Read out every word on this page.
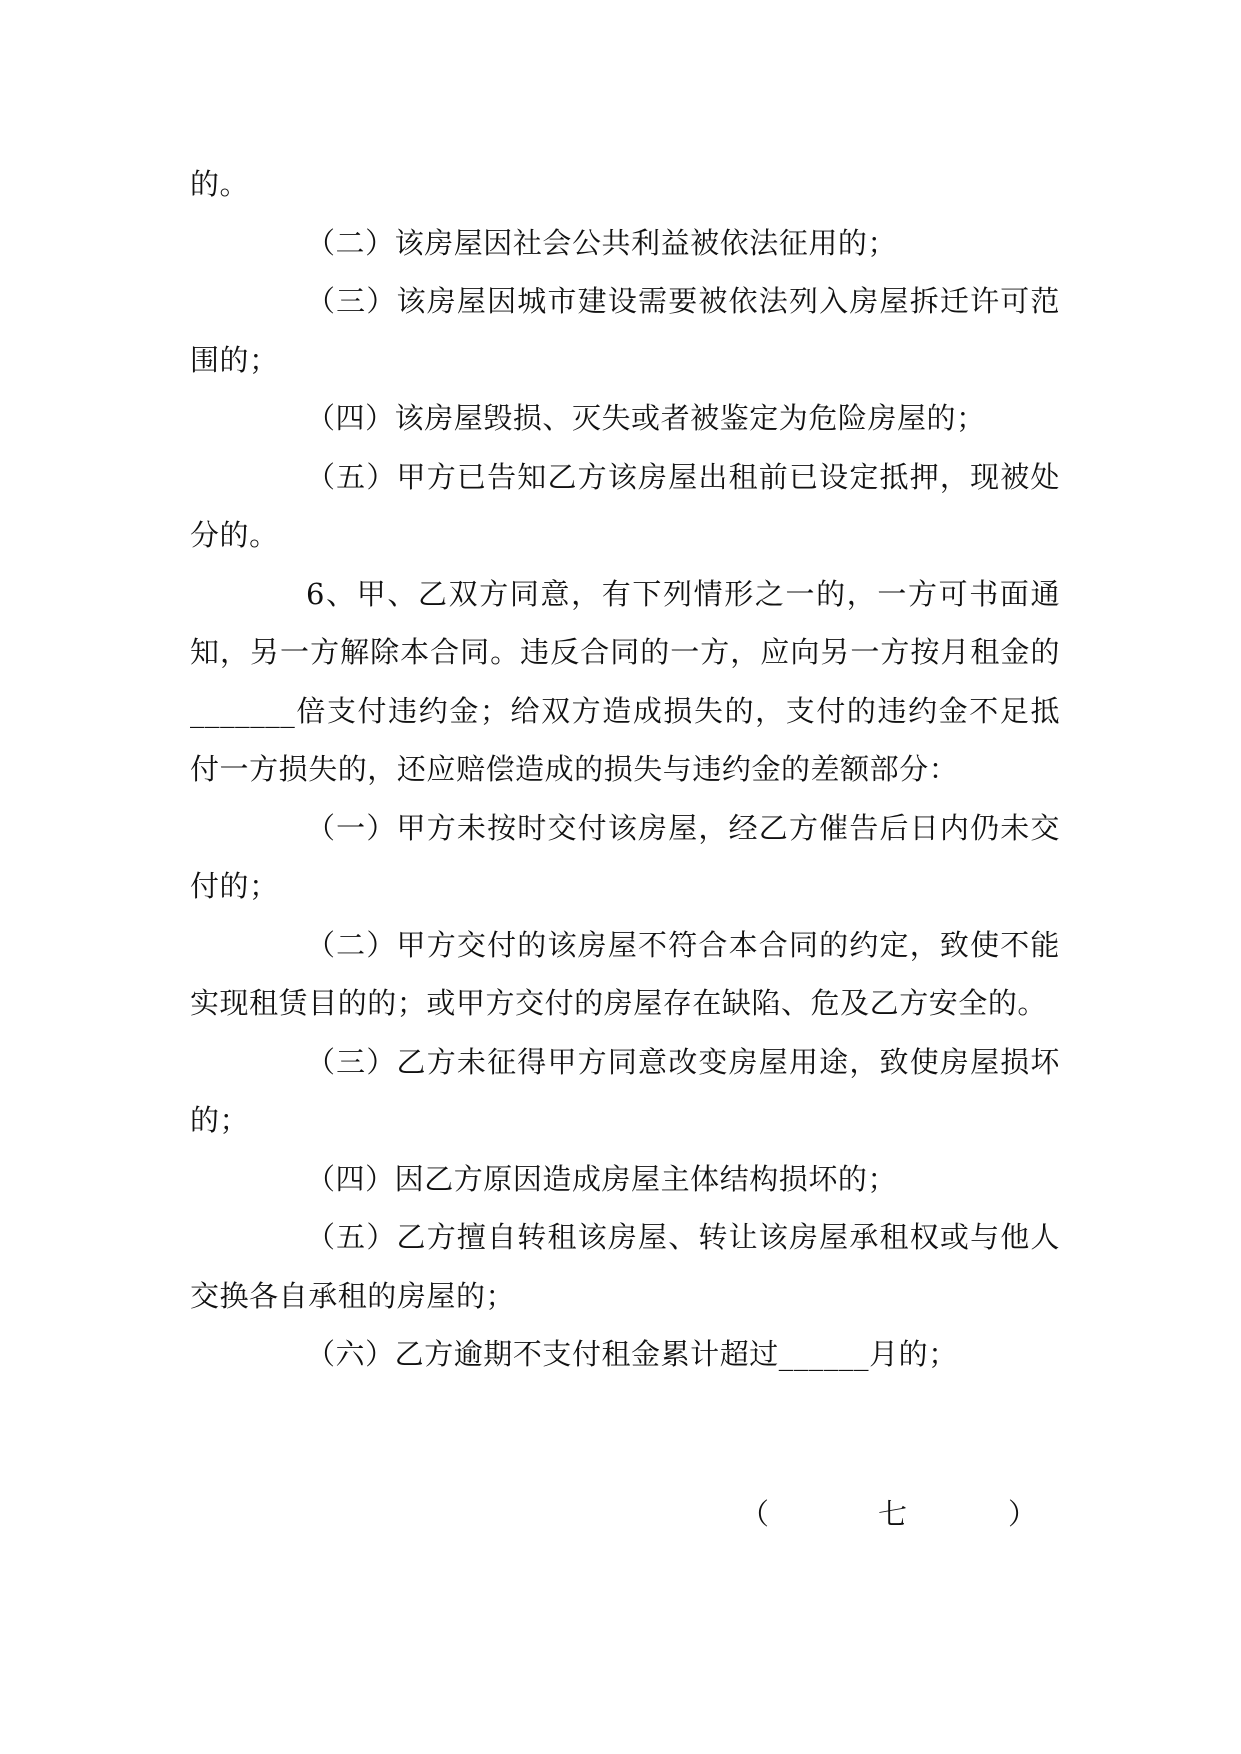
的。

（二）该房屋因社会公共利益被依法征用的；

（三）该房屋因城市建设需要被依法列入房屋拆迁许可范围的；

（四）该房屋毁损、灭失或者被鉴定为危险房屋的；

（五）甲方已告知乙方该房屋出租前已设定抵押，现被处分的。

6、甲、乙双方同意，有下列情形之一的，一方可书面通知，另一方解除本合同。违反合同的一方，应向另一方按月租金的_______倍支付违约金；给双方造成损失的，支付的违约金不足抵付一方损失的，还应赔偿造成的损失与违约金的差额部分：

（一）甲方未按时交付该房屋，经乙方催告后日内仍未交付的；

（二）甲方交付的该房屋不符合本合同的约定，致使不能实现租赁目的的；或甲方交付的房屋存在缺陷、危及乙方安全的。

（三）乙方未征得甲方同意改变房屋用途，致使房屋损坏的；

（四）因乙方原因造成房屋主体结构损坏的；

（五）乙方擅自转租该房屋、转让该房屋承租权或与他人交换各自承租的房屋的；

（六）乙方逾期不支付租金累计超过______月的；

（	七	）
